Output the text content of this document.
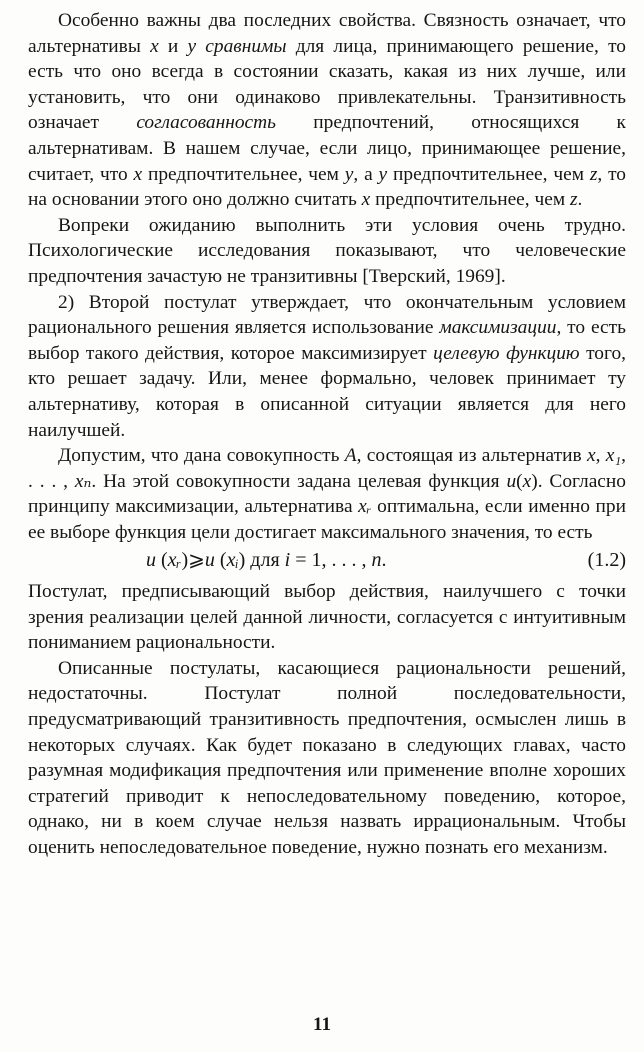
Особенно важны два последних свойства. Связность означает, что альтернативы x и y сравнимы для лица, принимающего решение, то есть что оно всегда в состоянии сказать, какая из них лучше, или установить, что они одинаково привлекательны. Транзитивность означает согласованность предпочтений, относящихся к альтернативам. В нашем случае, если лицо, принимающее решение, считает, что x предпочтительнее, чем y, а y предпочтительнее, чем z, то на основании этого оно должно считать x предпочтительнее, чем z.

Вопреки ожиданию выполнить эти условия очень трудно. Психологические исследования показывают, что человеческие предпочтения зачастую не транзитивны [Тверский, 1969].

2) Второй постулат утверждает, что окончательным условием рационального решения является использование максимизации, то есть выбор такого действия, которое максимизирует целевую функцию того, кто решает задачу. Или, менее формально, человек принимает ту альтернативу, которая в описанной ситуации является для него наилучшей.

Допустим, что дана совокупность A, состоящая из альтернатив x, x₁, . . . , xₙ. На этой совокупности задана целевая функция u(x). Согласно принципу максимизации, альтернатива xᵣ оптимальна, если именно при ее выборе функция цели достигает максимального значения, то есть

u (xᵣ)⩾u (xᵢ) для i = 1, . . . , n.	(1.2)

Постулат, предписывающий выбор действия, наилучшего с точки зрения реализации целей данной личности, согласуется с интуитивным пониманием рациональности.

Описанные постулаты, касающиеся рациональности решений, недостаточны. Постулат полной последовательности, предусматривающий транзитивность предпочтения, осмыслен лишь в некоторых случаях. Как будет показано в следующих главах, часто разумная модификация предпочтения или применение вполне хороших стратегий приводит к непоследовательному поведению, которое, однако, ни в коем случае нельзя назвать иррациональным. Чтобы оценить непоследовательное поведение, нужно познать его механизм.

11
